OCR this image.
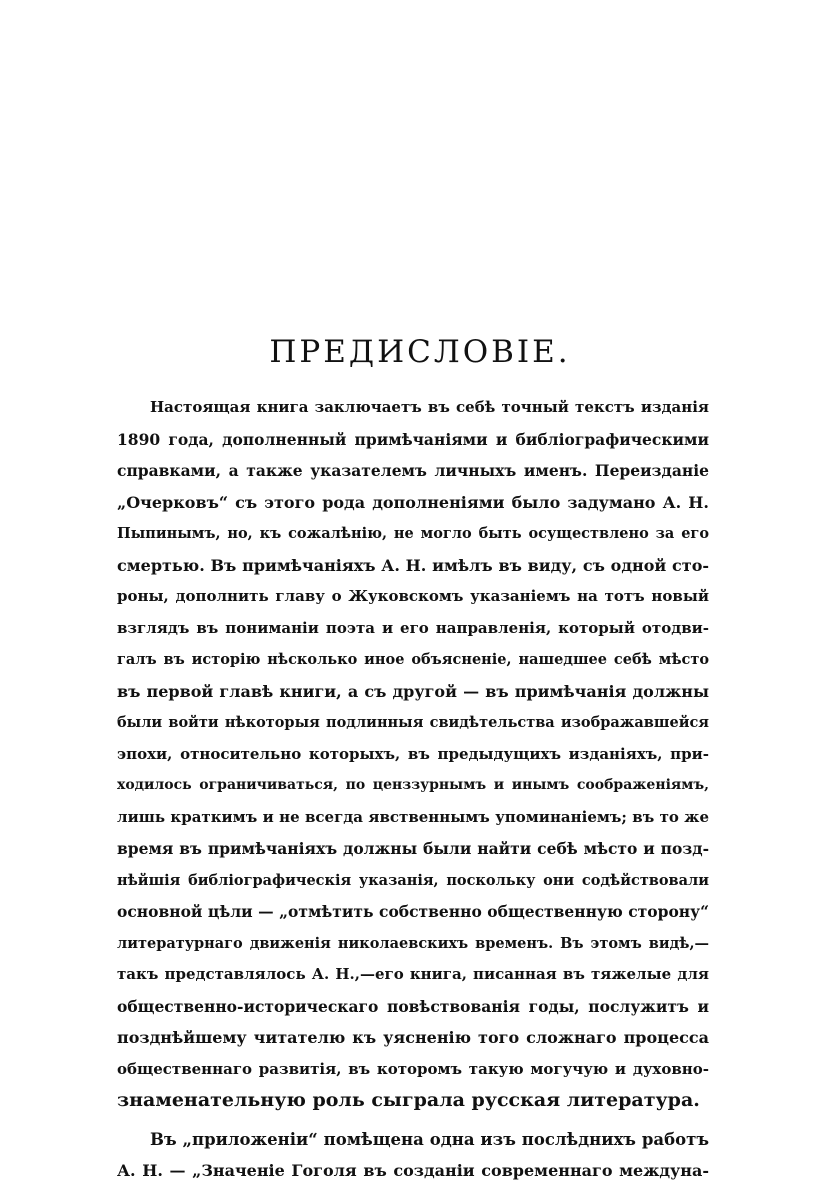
ПРЕДИСЛОВІЕ.
Настоящая книга заключаетъ въ себѣ точный текстъ изданія
1890 года, дополненный примѣчаніями и библіографическими
справками, а также указателемъ личныхъ именъ. Переизданіе
„Очерковъ“ съ этого рода дополненіями было задумано А. Н.
Пыпинымъ, но, къ сожалѣнію, не могло быть осуществлено за его
смертью. Въ примѣчаніяхъ А. Н. имѣлъ въ виду, съ одной сто-
роны, дополнить главу о Жуковскомъ указаніемъ на тотъ новый
взглядъ въ пониманіи поэта и его направленія, который отодви-
галъ въ исторію нѣсколько иное объясненіе, нашедшее себѣ мѣсто
въ первой главѣ книги, а съ другой — въ примѣчанія должны
были войти нѣкоторыя подлинныя свидѣтельства изображавшейся
эпохи, относительно которыхъ, въ предыдущихъ изданіяхъ, при-
ходилось ограничиваться, по ценззурнымъ и инымъ соображеніямъ,
лишь краткимъ и не всегда явственнымъ упоминаніемъ; въ то же
время въ примѣчаніяхъ должны были найти себѣ мѣсто и позд-
нѣйшія библіографическія указанія, поскольку они содѣйствовали
основной цѣли — „отмѣтить собственно общественную сторону“
литературнаго движенія николаевскихъ временъ. Въ этомъ видѣ,—
такъ представлялось А. Н.,—его книга, писанная въ тяжелые для
общественно-историческаго повѣствованія годы, послужитъ и
позднѣйшему читателю къ уясненію того сложнаго процесса
общественнаго развитія, въ которомъ такую могучую и духовно-
знаменательную роль сыграла русская литература.
Въ „приложеніи“ помѣщена одна изъ послѣднихъ работъ
А. Н. — „Значеніе Гоголя въ созданіи современнаго междуна-
